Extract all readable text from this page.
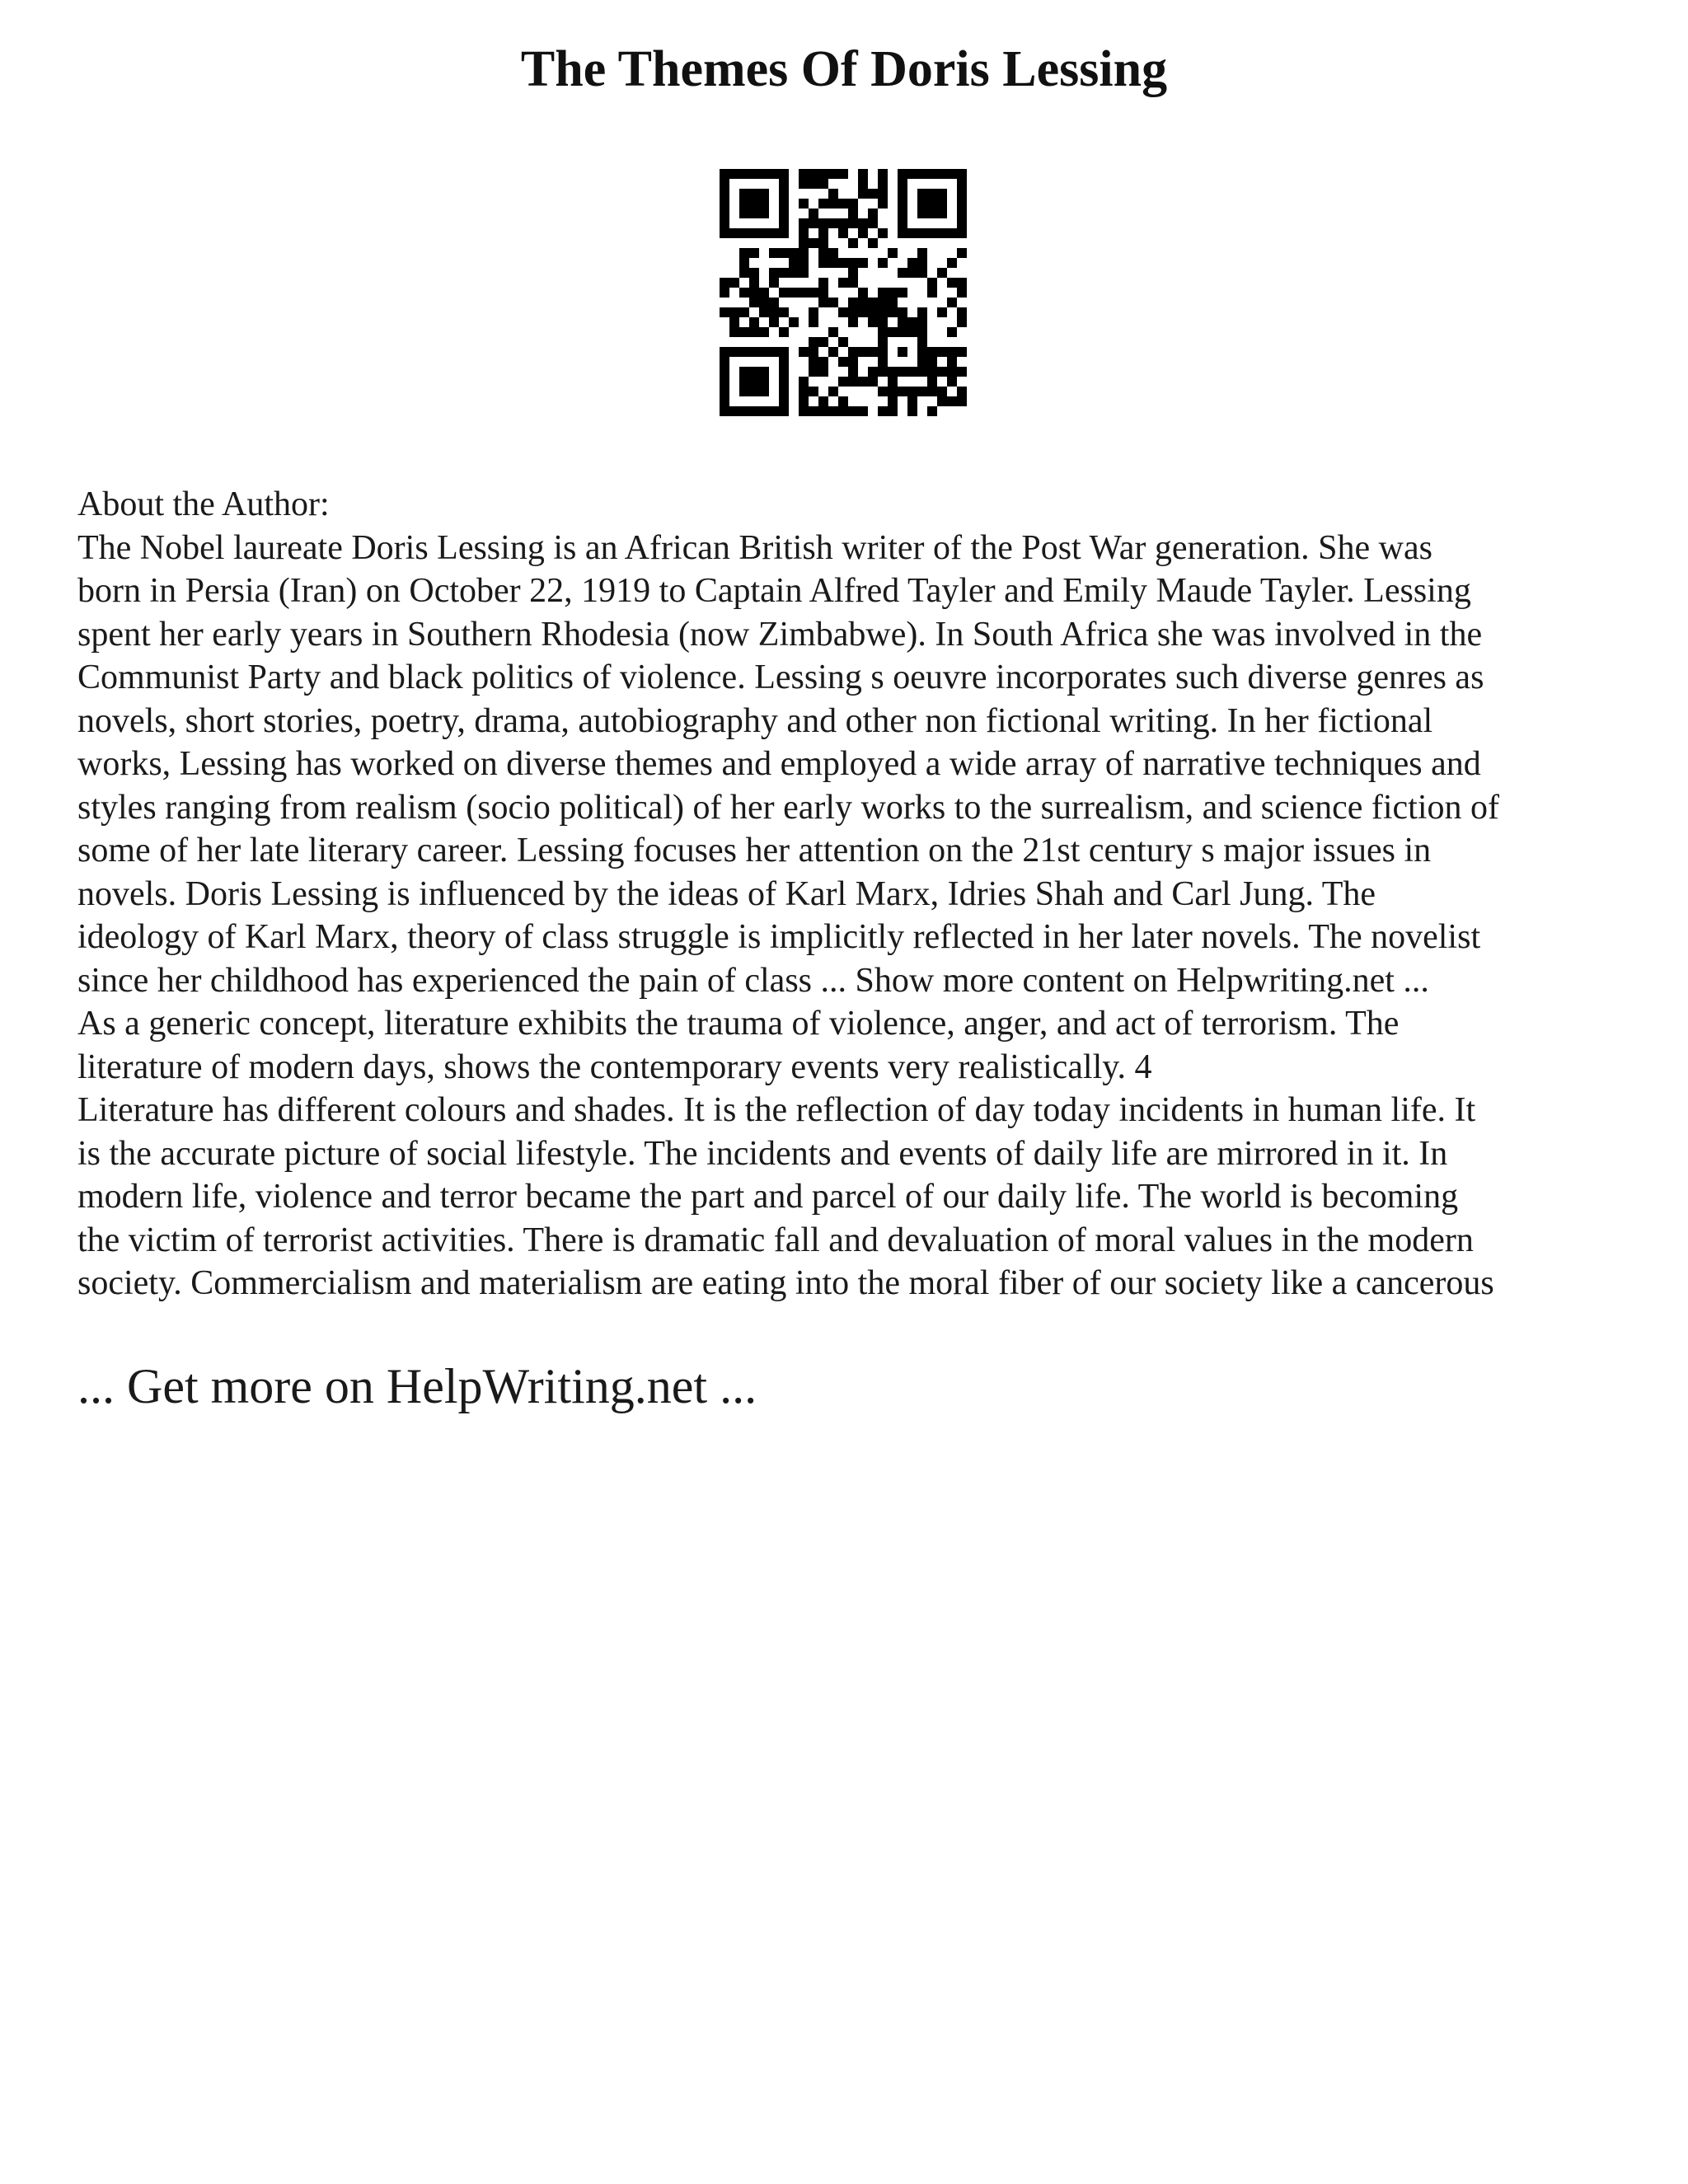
The Themes Of Doris Lessing
About the Author:
The Nobel laureate Doris Lessing is an African British writer of the Post War generation. She was
born in Persia (Iran) on October 22, 1919 to Captain Alfred Tayler and Emily Maude Tayler. Lessing
spent her early years in Southern Rhodesia (now Zimbabwe). In South Africa she was involved in the
Communist Party and black politics of violence. Lessing s oeuvre incorporates such diverse genres as
novels, short stories, poetry, drama, autobiography and other non fictional writing. In her fictional
works, Lessing has worked on diverse themes and employed a wide array of narrative techniques and
styles ranging from realism (socio political) of her early works to the surrealism, and science fiction of
some of her late literary career. Lessing focuses her attention on the 21st century s major issues in
novels. Doris Lessing is influenced by the ideas of Karl Marx, Idries Shah and Carl Jung. The
ideology of Karl Marx, theory of class struggle is implicitly reflected in her later novels. The novelist
since her childhood has experienced the pain of class ... Show more content on Helpwriting.net ...
As a generic concept, literature exhibits the trauma of violence, anger, and act of terrorism. The
literature of modern days, shows the contemporary events very realistically. 4
Literature has different colours and shades. It is the reflection of day today incidents in human life. It
is the accurate picture of social lifestyle. The incidents and events of daily life are mirrored in it. In
modern life, violence and terror became the part and parcel of our daily life. The world is becoming
the victim of terrorist activities. There is dramatic fall and devaluation of moral values in the modern
society. Commercialism and materialism are eating into the moral fiber of our society like a cancerous
... Get more on HelpWriting.net ...
